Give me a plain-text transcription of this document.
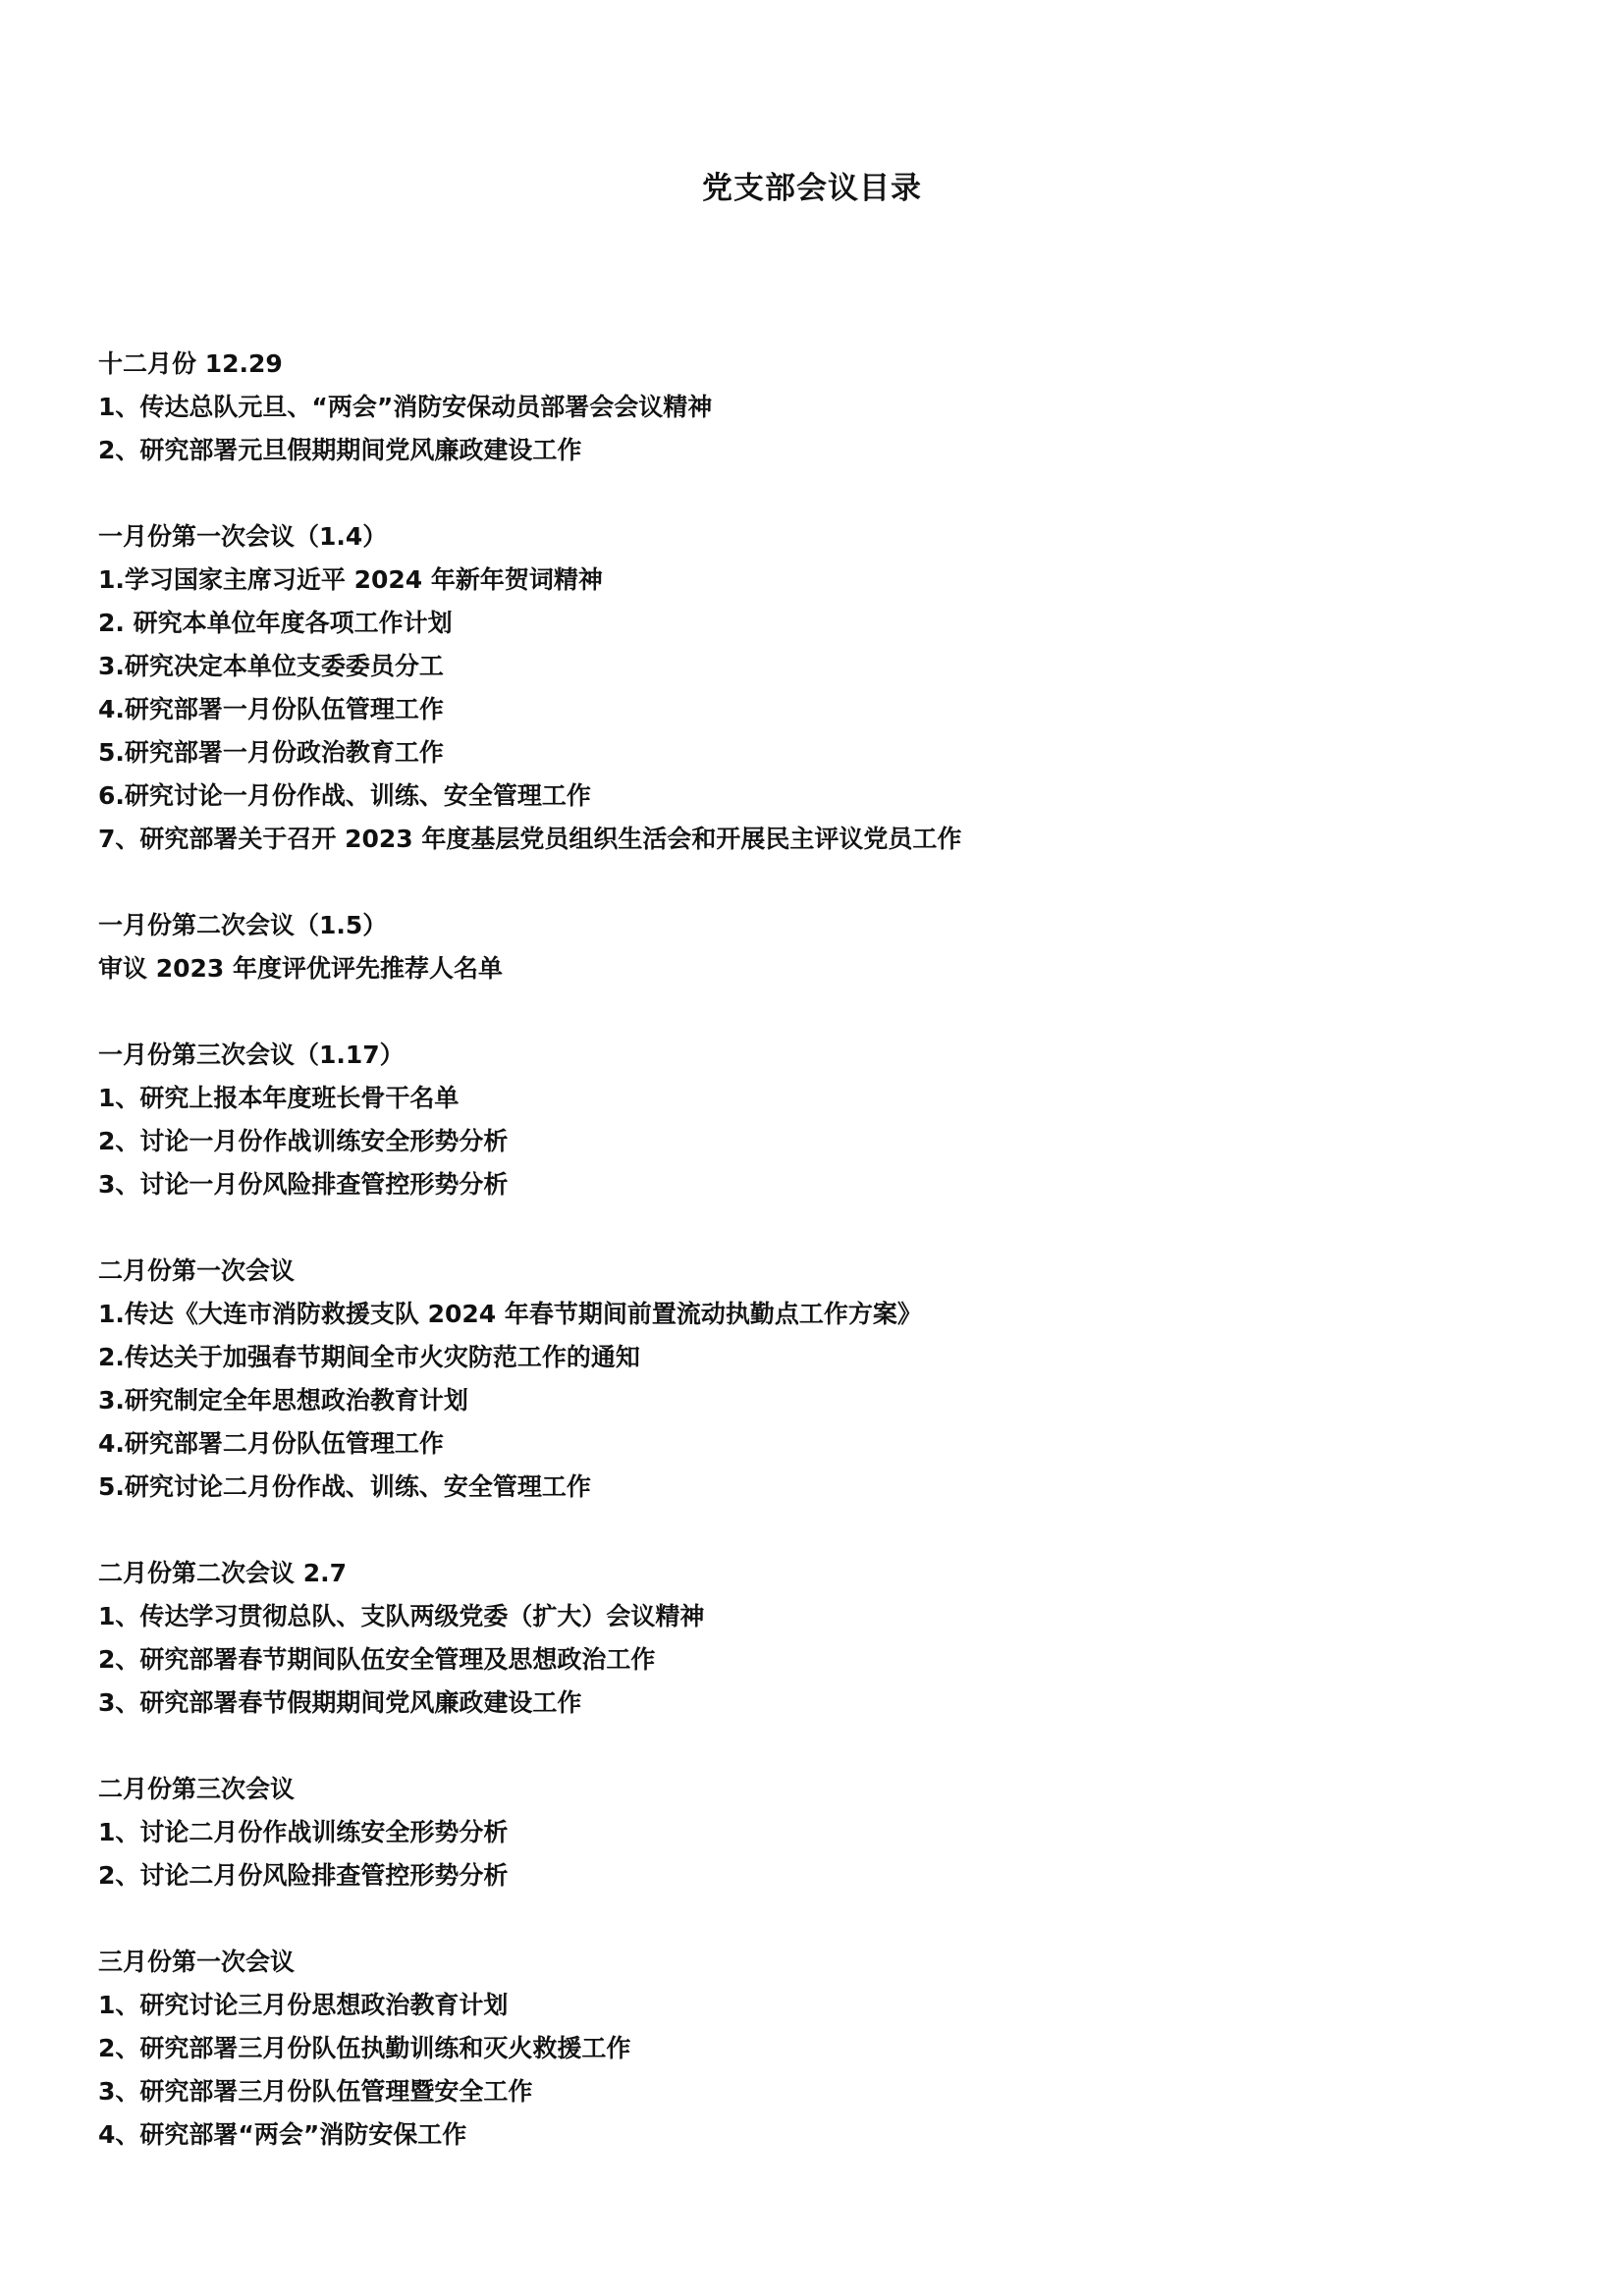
党支部会议目录
十二月份 12.29
1、传达总队元旦、“两会”消防安保动员部署会会议精神
2、研究部署元旦假期期间党风廉政建设工作
一月份第一次会议（1.4）
1.学习国家主席习近平 2024 年新年贺词精神
2. 研究本单位年度各项工作计划
3.研究决定本单位支委委员分工
4.研究部署一月份队伍管理工作
5.研究部署一月份政治教育工作
6.研究讨论一月份作战、训练、安全管理工作
7、研究部署关于召开 2023 年度基层党员组织生活会和开展民主评议党员工作
一月份第二次会议（1.5）
审议 2023 年度评优评先推荐人名单
一月份第三次会议（1.17）
1、研究上报本年度班长骨干名单
2、讨论一月份作战训练安全形势分析
3、讨论一月份风险排查管控形势分析
二月份第一次会议
1.传达《大连市消防救援支队 2024 年春节期间前置流动执勤点工作方案》
2.传达关于加强春节期间全市火灾防范工作的通知
3.研究制定全年思想政治教育计划
4.研究部署二月份队伍管理工作
5.研究讨论二月份作战、训练、安全管理工作
二月份第二次会议 2.7
1、传达学习贯彻总队、支队两级党委（扩大）会议精神
2、研究部署春节期间队伍安全管理及思想政治工作
3、研究部署春节假期期间党风廉政建设工作
二月份第三次会议
1、讨论二月份作战训练安全形势分析
2、讨论二月份风险排查管控形势分析
三月份第一次会议
1、研究讨论三月份思想政治教育计划
2、研究部署三月份队伍执勤训练和灭火救援工作
3、研究部署三月份队伍管理暨安全工作
4、研究部署“两会”消防安保工作
